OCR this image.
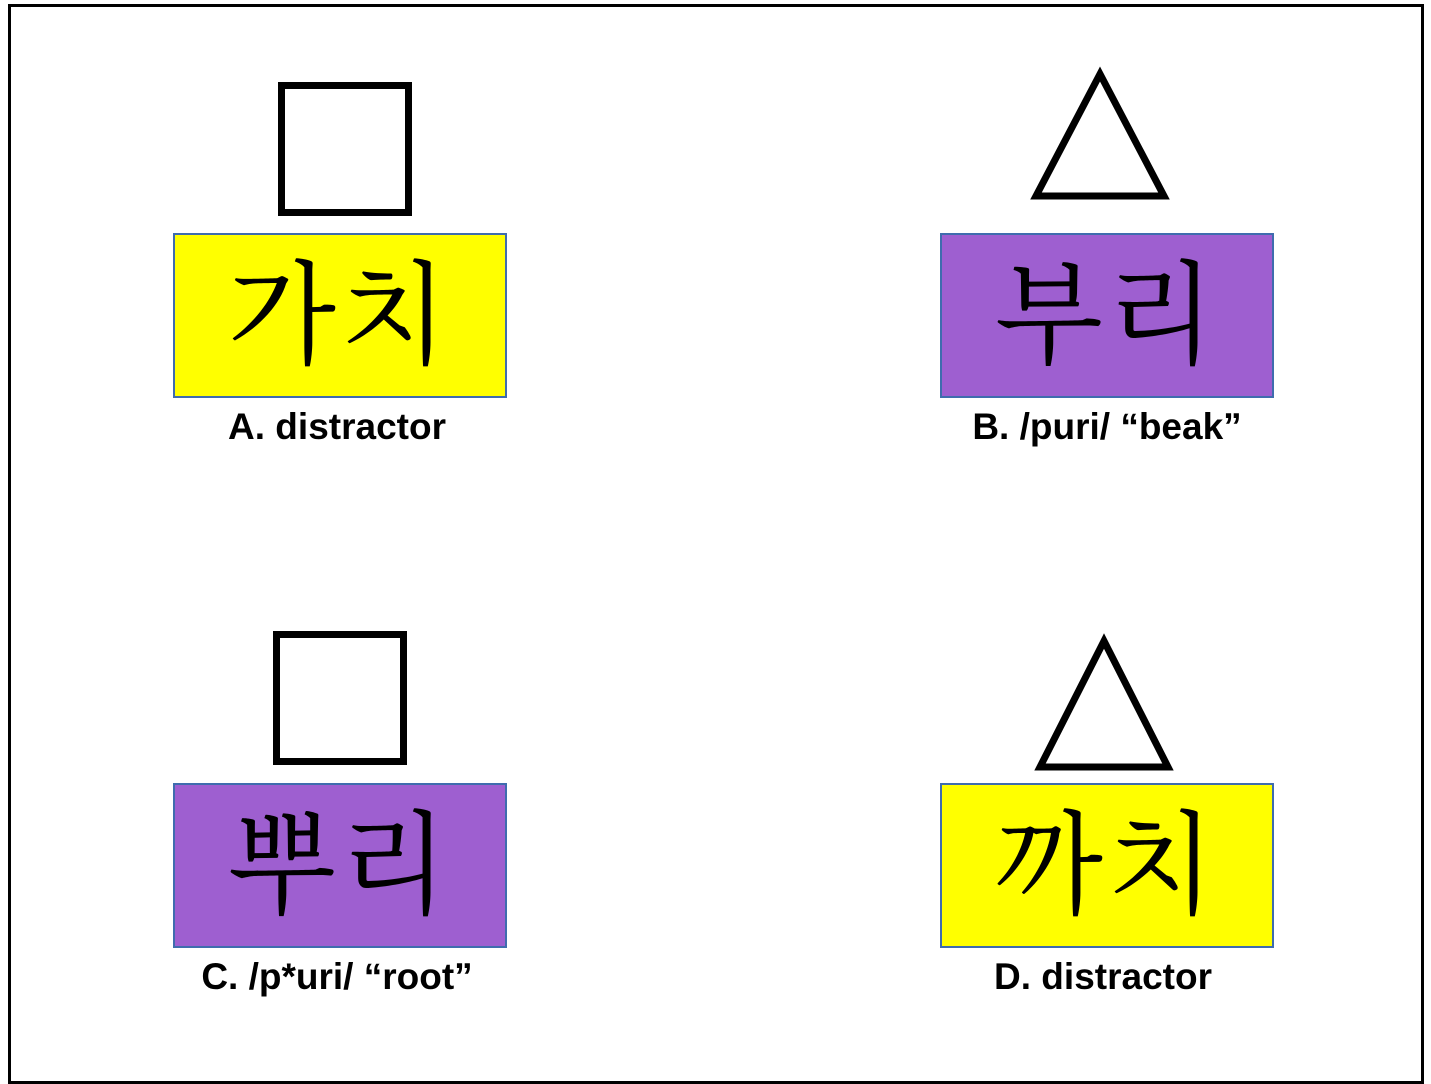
가치
A. distractor
부리
B. /puri/ “beak”
뿌리
C. /p*uri/ “root”
까치
D. distractor
